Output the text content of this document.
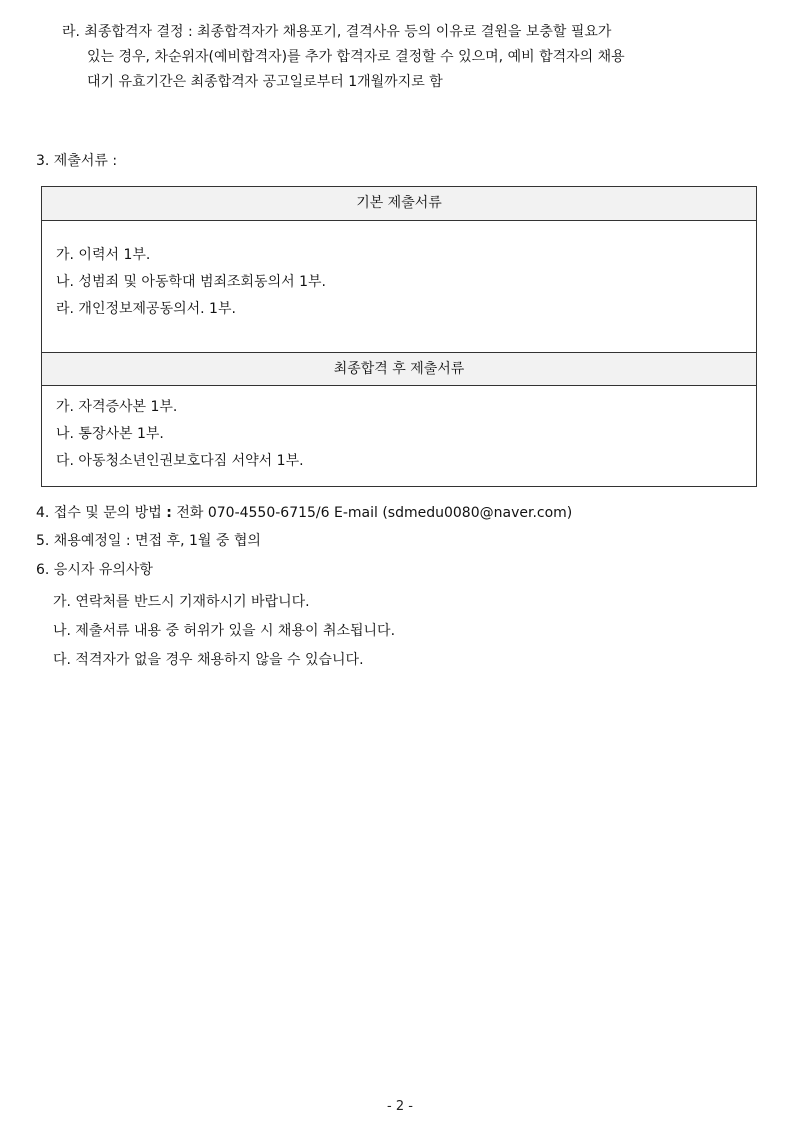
라. 최종합격자 결정 : 최종합격자가 채용포기, 결격사유 등의 이유로 결원을 보충할 필요가
있는 경우, 차순위자(예비합격자)를 추가 합격자로 결정할 수 있으며, 예비 합격자의 채용
대기 유효기간은 최종합격자 공고일로부터 1개월까지로 함
3. 제출서류 :
기본 제출서류
가. 이력서 1부.
나. 성범죄 및 아동학대 범죄조회동의서 1부.
라. 개인정보제공동의서. 1부.
최종합격 후 제출서류
가. 자격증사본 1부.
나. 통장사본 1부.
다. 아동청소년인권보호다짐 서약서 1부.
4. 접수 및 문의 방법 : 전화 070-4550-6715/6 E-mail (sdmedu0080@naver.com)
5. 채용예정일 : 면접 후, 1월 중 협의
6. 응시자 유의사항
가. 연락처를 반드시 기재하시기 바랍니다.
나. 제출서류 내용 중 허위가 있을 시 채용이 취소됩니다.
다. 적격자가 없을 경우 채용하지 않을 수 있습니다.
- 2 -
